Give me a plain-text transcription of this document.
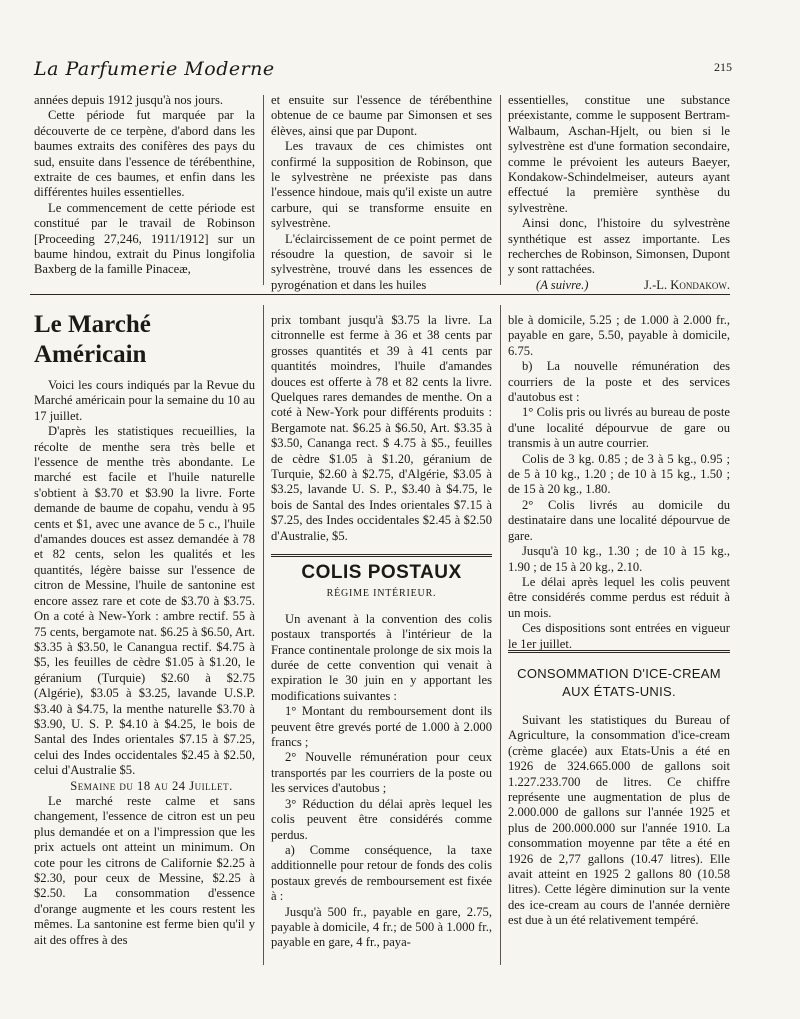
La Parfumerie Moderne	215

années depuis 1912 jusqu'à nos jours.

Cette période fut marquée par la découverte de ce terpène, d'abord dans les baumes extraits des conifères des pays du sud, ensuite dans l'essence de térébenthine, extraite de ces baumes, et enfin dans les différentes huiles essentielles.

Le commencement de cette période est constitué par le travail de Robinson [Proceeding 27,246, 1911/1912] sur un baume hindou, extrait du Pinus longifolia Baxberg de la famille Pinaceæ,

et ensuite sur l'essence de térébenthine obtenue de ce baume par Simonsen et ses élèves, ainsi que par Dupont.

Les travaux de ces chimistes ont confirmé la supposition de Robinson, que le sylvestrène ne préexiste pas dans l'essence hindoue, mais qu'il existe un autre carbure, qui se transforme ensuite en sylvestrène.

L'éclaircissement de ce point permet de résoudre la question, de savoir si le sylvestrène, trouvé dans les essences de pyrogénation et dans les huiles

essentielles, constitue une substance préexistante, comme le supposent Bertram-Walbaum, Aschan-Hjelt, ou bien si le sylvestrène est d'une formation secondaire, comme le prévoient les auteurs Baeyer, Kondakow-Schindelmeiser, auteurs ayant effectué la première synthèse du sylvestrène.

Ainsi donc, l'histoire du sylvestrène synthétique est assez importante. Les recherches de Robinson, Simonsen, Dupont y sont rattachées.

(A suivre.)	J.-L. Kondakow.

Le Marché Américain

Voici les cours indiqués par la Revue du Marché américain pour la semaine du 10 au 17 juillet.

D'après les statistiques recueillies, la récolte de menthe sera très belle et l'essence de menthe très abondante. Le marché est facile et l'huile naturelle s'obtient à $3.70 et $3.90 la livre. Forte demande de baume de copahu, vendu à 95 cents et $1, avec une avance de 5 c., l'huile d'amandes douces est assez demandée à 78 et 82 cents, selon les qualités et les quantités, légère baisse sur l'essence de citron de Messine, l'huile de santonine est encore assez rare et cote de $3.70 à $3.75. On a coté à New-York : ambre rectif. 55 à 75 cents, bergamote nat. $6.25 à $6.50, Art. $3.35 à $3.50, le Canangua rectif. $4.75 à $5, les feuilles de cèdre $1.05 à $1.20, le géranium (Turquie) $2.60 à $2.75 (Algérie), $3.05 à $3.25, lavande U.S.P. $3.40 à $4.75, la menthe naturelle $3.70 à $3.90, U. S. P. $4.10 à $4.25, le bois de Santal des Indes orientales $7.15 à $7.25, celui des Indes occidentales $2.45 à $2.50, celui d'Australie $5.

Semaine du 18 au 24 Juillet.

Le marché reste calme et sans changement, l'essence de citron est un peu plus demandée et on a l'impression que les prix actuels ont atteint un minimum. On cote pour les citrons de Californie $2.25 à $2.30, pour ceux de Messine, $2.25 à $2.50. La consommation d'essence d'orange augmente et les cours restent les mêmes. La santonine est ferme bien qu'il y ait des offres à des

prix tombant jusqu'à $3.75 la livre. La citronnelle est ferme à 36 et 38 cents par grosses quantités et 39 à 41 cents par quantités moindres, l'huile d'amandes douces est offerte à 78 et 82 cents la livre. Quelques rares demandes de menthe. On a coté à New-York pour différents produits : Bergamote nat. $6.25 à $6.50, Art. $3.35 à $3.50, Cananga rect. $ 4.75 à $5., feuilles de cèdre $1.05 à $1.20, géranium de Turquie, $2.60 à $2.75, d'Algérie, $3.05 à $3.25, lavande U. S. P., $3.40 à $4.75, le bois de Santal des Indes orientales $7.15 à $7.25, des Indes occidentales $2.45 à $2.50 d'Australie, $5.

COLIS POSTAUX
RÉGIME INTÉRIEUR.

Un avenant à la convention des colis postaux transportés à l'intérieur de la France continentale prolonge de six mois la durée de cette convention qui venait à expiration le 30 juin en y apportant les modifications suivantes :

1° Montant du remboursement dont ils peuvent être grevés porté de 1.000 à 2.000 francs ;

2° Nouvelle rémunération pour ceux transportés par les courriers de la poste ou les services d'autobus ;

3° Réduction du délai après lequel les colis peuvent être considérés comme perdus.

a) Comme conséquence, la taxe additionnelle pour retour de fonds des colis postaux grevés de remboursement est fixée à :

Jusqu'à 500 fr., payable en gare, 2.75, payable à domicile, 4 fr.; de 500 à 1.000 fr., payable en gare, 4 fr., paya-

ble à domicile, 5.25 ; de 1.000 à 2.000 fr., payable en gare, 5.50, payable à domicile, 6.75.

b) La nouvelle rémunération des courriers de la poste et des services d'autobus est :

1° Colis pris ou livrés au bureau de poste d'une localité dépourvue de gare ou transmis à un autre courrier.

Colis de 3 kg. 0.85 ; de 3 à 5 kg., 0.95 ; de 5 à 10 kg., 1.20 ; de 10 à 15 kg., 1.50 ; de 15 à 20 kg., 1.80.

2° Colis livrés au domicile du destinataire dans une localité dépourvue de gare.

Jusqu'à 10 kg., 1.30 ; de 10 à 15 kg., 1.90 ; de 15 à 20 kg., 2.10.

Le délai après lequel les colis peuvent être considérés comme perdus est réduit à un mois.

Ces dispositions sont entrées en vigueur le 1er juillet.

CONSOMMATION D'ICE-CREAM
AUX ÉTATS-UNIS.

Suivant les statistiques du Bureau of Agriculture, la consommation d'ice-cream (crème glacée) aux Etats-Unis a été en 1926 de 324.665.000 de gallons soit 1.227.233.700 de litres. Ce chiffre représente une augmentation de plus de 2.000.000 de gallons sur l'année 1925 et plus de 200.000.000 sur l'année 1910. La consommation moyenne par tête a été en 1926 de 2,77 gallons (10.47 litres). Elle avait atteint en 1925 2 gallons 80 (10.58 litres). Cette légère diminution sur la vente des ice-cream au cours de l'année dernière est due à un été relativement tempéré.
